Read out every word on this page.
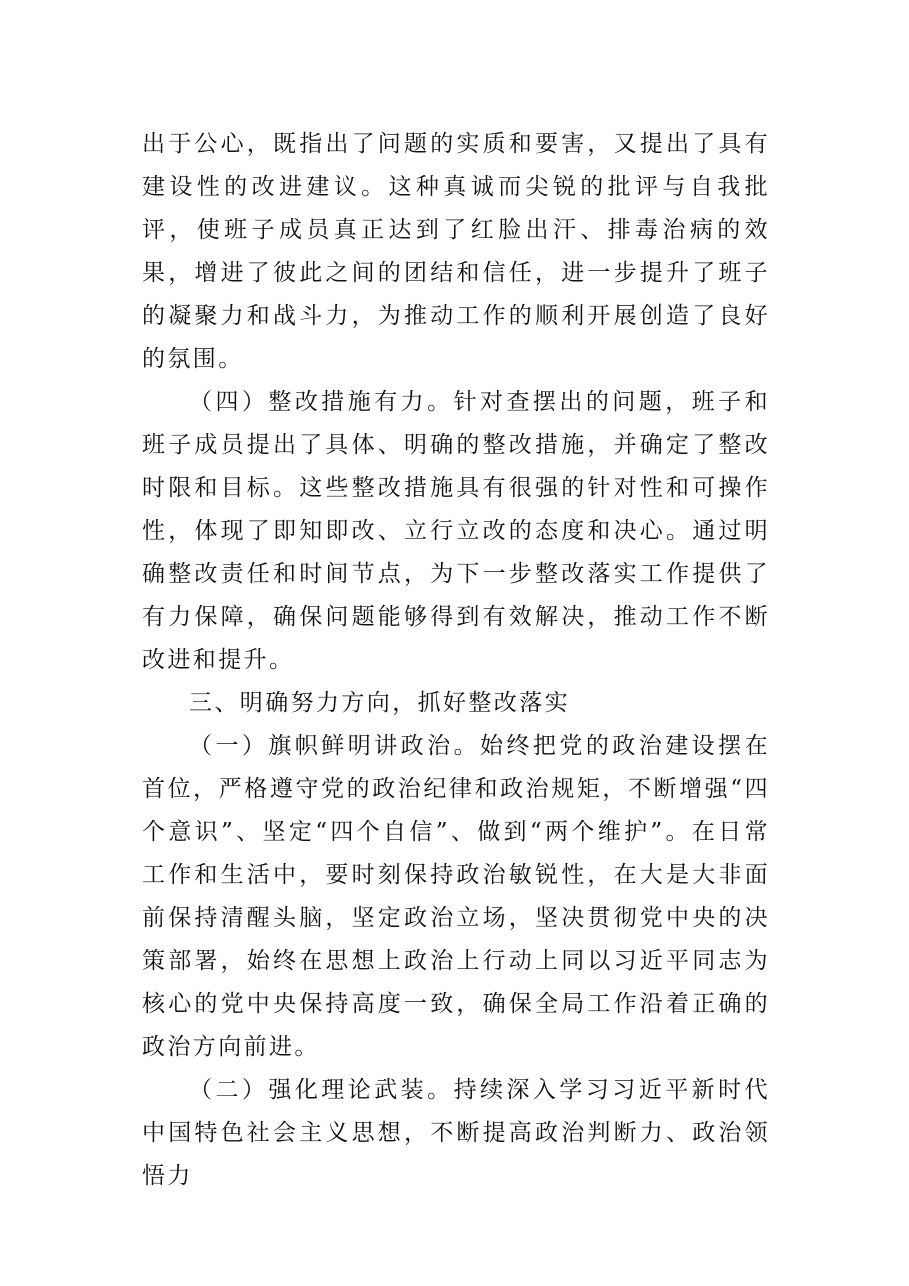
出于公心，既指出了问题的实质和要害，又提出了具有建设性的改进建议。这种真诚而尖锐的批评与自我批评，使班子成员真正达到了红脸出汗、排毒治病的效果，增进了彼此之间的团结和信任，进一步提升了班子的凝聚力和战斗力，为推动工作的顺利开展创造了良好的氛围。

（四）整改措施有力。针对查摆出的问题，班子和班子成员提出了具体、明确的整改措施，并确定了整改时限和目标。这些整改措施具有很强的针对性和可操作性，体现了即知即改、立行立改的态度和决心。通过明确整改责任和时间节点，为下一步整改落实工作提供了有力保障，确保问题能够得到有效解决，推动工作不断改进和提升。

三、明确努力方向，抓好整改落实

（一）旗帜鲜明讲政治。始终把党的政治建设摆在首位，严格遵守党的政治纪律和政治规矩，不断增强“四个意识”、坚定“四个自信”、做到“两个维护”。在日常工作和生活中，要时刻保持政治敏锐性，在大是大非面前保持清醒头脑，坚定政治立场，坚决贯彻党中央的决策部署，始终在思想上政治上行动上同以习近平同志为核心的党中央保持高度一致，确保全局工作沿着正确的政治方向前进。

（二）强化理论武装。持续深入学习习近平新时代中国特色社会主义思想，不断提高政治判断力、政治领悟力
